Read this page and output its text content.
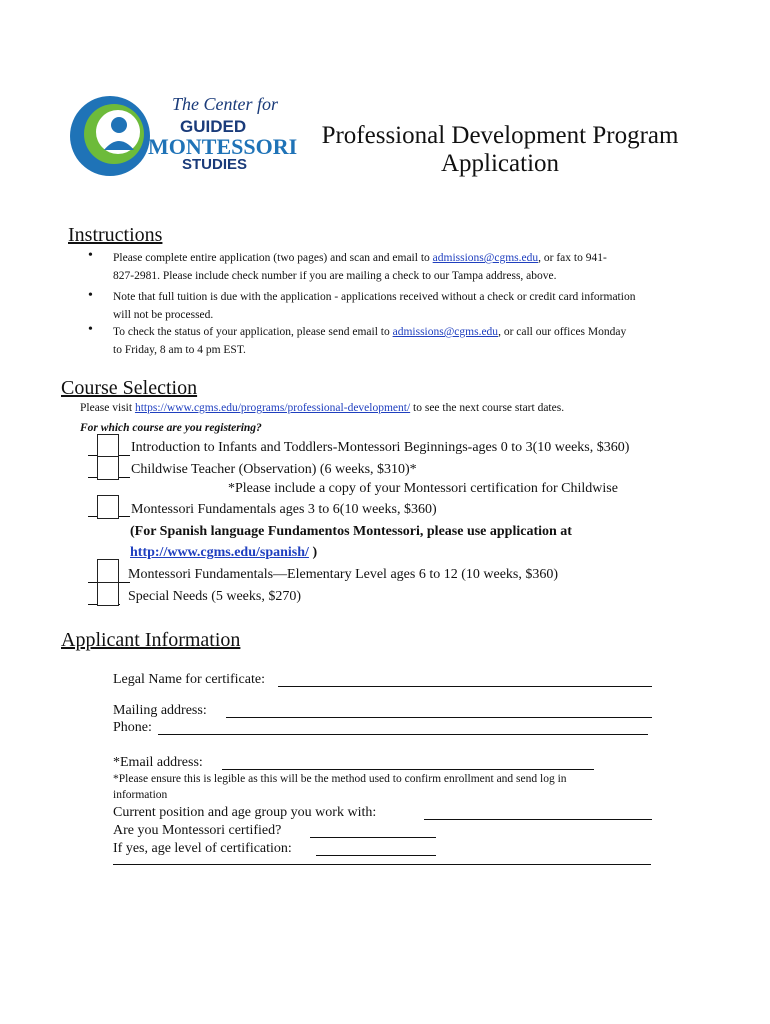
The Center for
GUIDED
MONTESSORI
STUDIES
Professional Development Program
Application
Instructions
• Please complete entire application (two pages) and scan and email to admissions@cgms.edu, or fax to 941-
827-2981. Please include check number if you are mailing a check to our Tampa address, above.
• Note that full tuition is due with the application - applications received without a check or credit card information
will not be processed.
• To check the status of your application, please send email to admissions@cgms.edu, or call our offices Monday
to Friday, 8 am to 4 pm EST.
Course Selection
Please visit https://www.cgms.edu/programs/professional-development/ to see the next course start dates.
For which course are you registering?
Introduction to Infants and Toddlers-Montessori Beginnings-ages 0 to 3(10 weeks, $360)
Childwise Teacher (Observation) (6 weeks, $310)*
*Please include a copy of your Montessori certification for Childwise
Montessori Fundamentals ages 3 to 6(10 weeks, $360)
(For Spanish language Fundamentos Montessori, please use application at
http://www.cgms.edu/spanish/ )
Montessori Fundamentals—Elementary Level ages 6 to 12 (10 weeks, $360)
Special Needs (5 weeks, $270)
Applicant Information
Legal Name for certificate:
Mailing address:
Phone:
*Email address:
*Please ensure this is legible as this will be the method used to confirm enrollment and send log in
information
Current position and age group you work with:
Are you Montessori certified?
If yes, age level of certification:
